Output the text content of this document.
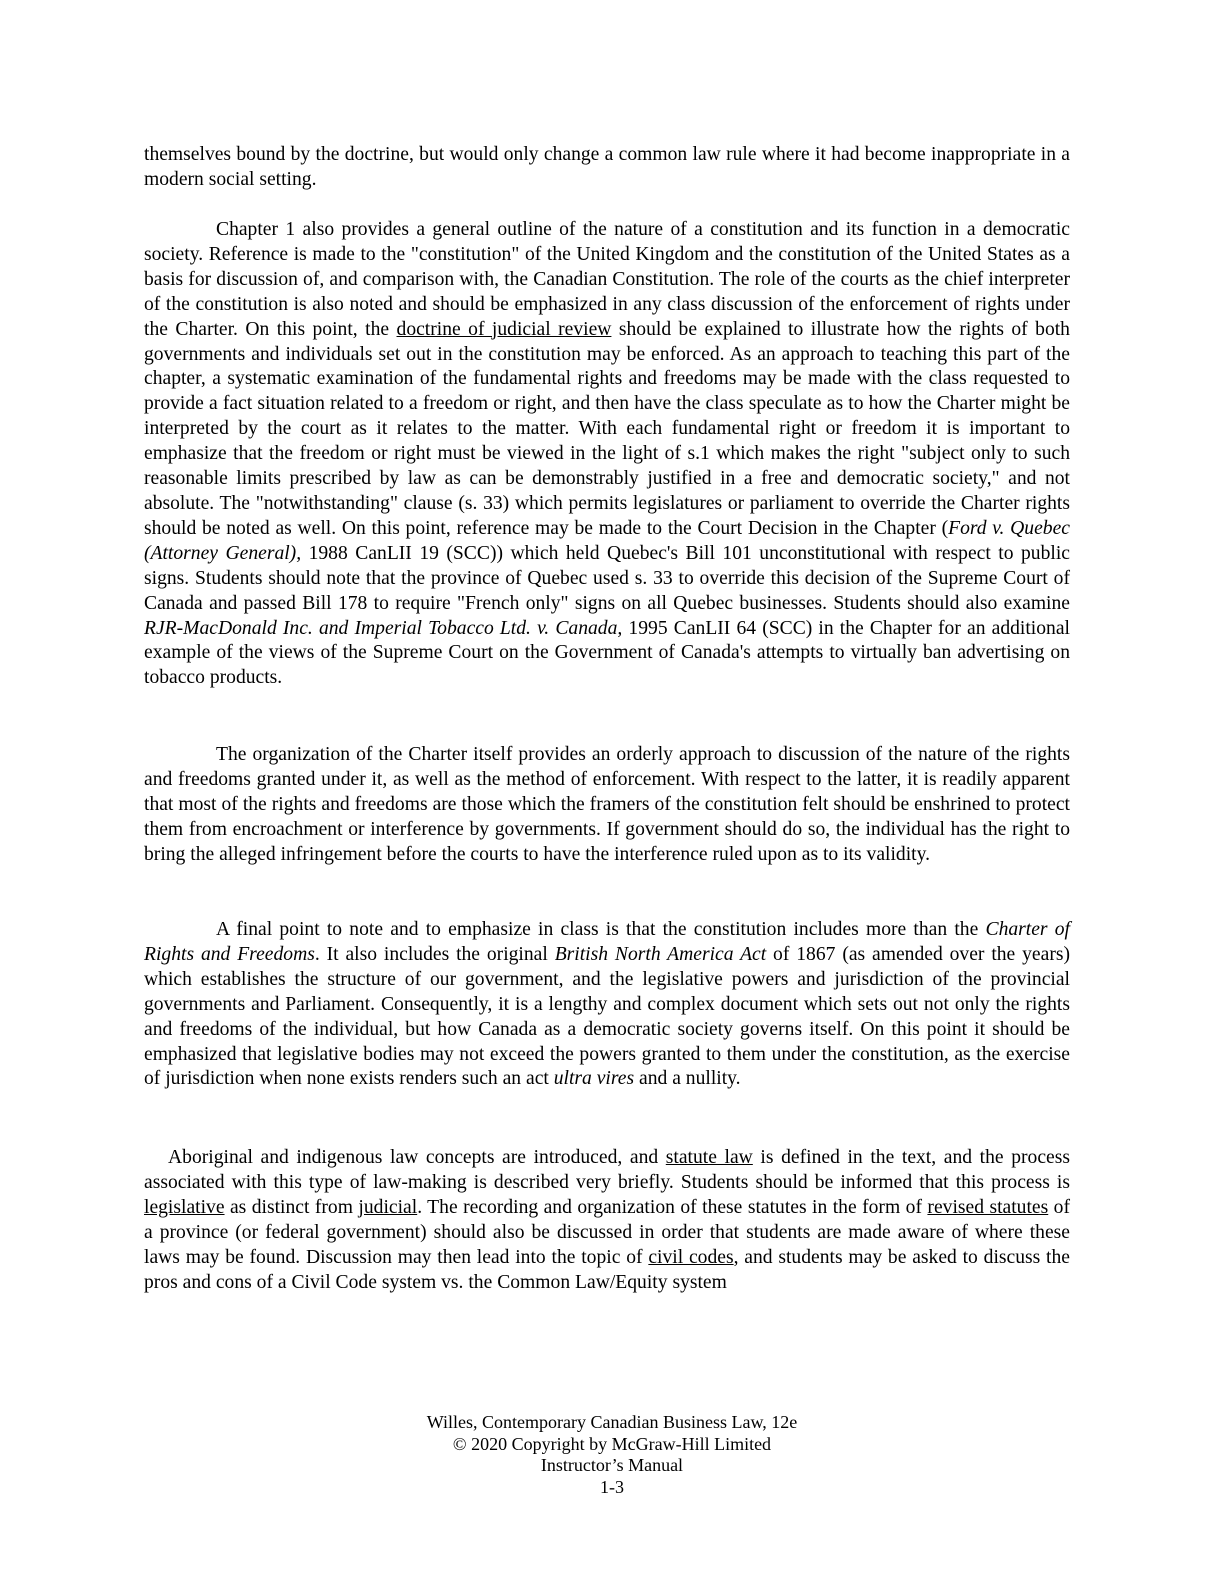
themselves bound by the doctrine, but would only change a common law rule where it had become inappropriate in a modern social setting.

Chapter 1 also provides a general outline of the nature of a constitution and its function in a democratic society. Reference is made to the "constitution" of the United Kingdom and the constitution of the United States as a basis for discussion of, and comparison with, the Canadian Constitution. The role of the courts as the chief interpreter of the constitution is also noted and should be emphasized in any class discussion of the enforcement of rights under the Charter. On this point, the doctrine of judicial review should be explained to illustrate how the rights of both governments and individuals set out in the constitution may be enforced. As an approach to teaching this part of the chapter, a systematic examination of the fundamental rights and freedoms may be made with the class requested to provide a fact situation related to a freedom or right, and then have the class speculate as to how the Charter might be interpreted by the court as it relates to the matter. With each fundamental right or freedom it is important to emphasize that the freedom or right must be viewed in the light of s.1 which makes the right "subject only to such reasonable limits prescribed by law as can be demonstrably justified in a free and democratic society," and not absolute. The "notwithstanding" clause (s. 33) which permits legislatures or parliament to override the Charter rights should be noted as well. On this point, reference may be made to the Court Decision in the Chapter (Ford v. Quebec (Attorney General), 1988 CanLII 19 (SCC)) which held Quebec's Bill 101 unconstitutional with respect to public signs. Students should note that the province of Quebec used s. 33 to override this decision of the Supreme Court of Canada and passed Bill 178 to require "French only" signs on all Quebec businesses. Students should also examine RJR-MacDonald Inc. and Imperial Tobacco Ltd. v. Canada, 1995 CanLII 64 (SCC) in the Chapter for an additional example of the views of the Supreme Court on the Government of Canada's attempts to virtually ban advertising on tobacco products.

The organization of the Charter itself provides an orderly approach to discussion of the nature of the rights and freedoms granted under it, as well as the method of enforcement. With respect to the latter, it is readily apparent that most of the rights and freedoms are those which the framers of the constitution felt should be enshrined to protect them from encroachment or interference by governments. If government should do so, the individual has the right to bring the alleged infringement before the courts to have the interference ruled upon as to its validity.

A final point to note and to emphasize in class is that the constitution includes more than the Charter of Rights and Freedoms. It also includes the original British North America Act of 1867 (as amended over the years) which establishes the structure of our government, and the legislative powers and jurisdiction of the provincial governments and Parliament. Consequently, it is a lengthy and complex document which sets out not only the rights and freedoms of the individual, but how Canada as a democratic society governs itself. On this point it should be emphasized that legislative bodies may not exceed the powers granted to them under the constitution, as the exercise of jurisdiction when none exists renders such an act ultra vires and a nullity.

Aboriginal and indigenous law concepts are introduced, and statute law is defined in the text, and the process associated with this type of law-making is described very briefly. Students should be informed that this process is legislative as distinct from judicial. The recording and organization of these statutes in the form of revised statutes of a province (or federal government) should also be discussed in order that students are made aware of where these laws may be found. Discussion may then lead into the topic of civil codes, and students may be asked to discuss the pros and cons of a Civil Code system vs. the Common Law/Equity system

Willes, Contemporary Canadian Business Law, 12e
© 2020 Copyright by McGraw-Hill Limited
Instructor’s Manual
1-3
